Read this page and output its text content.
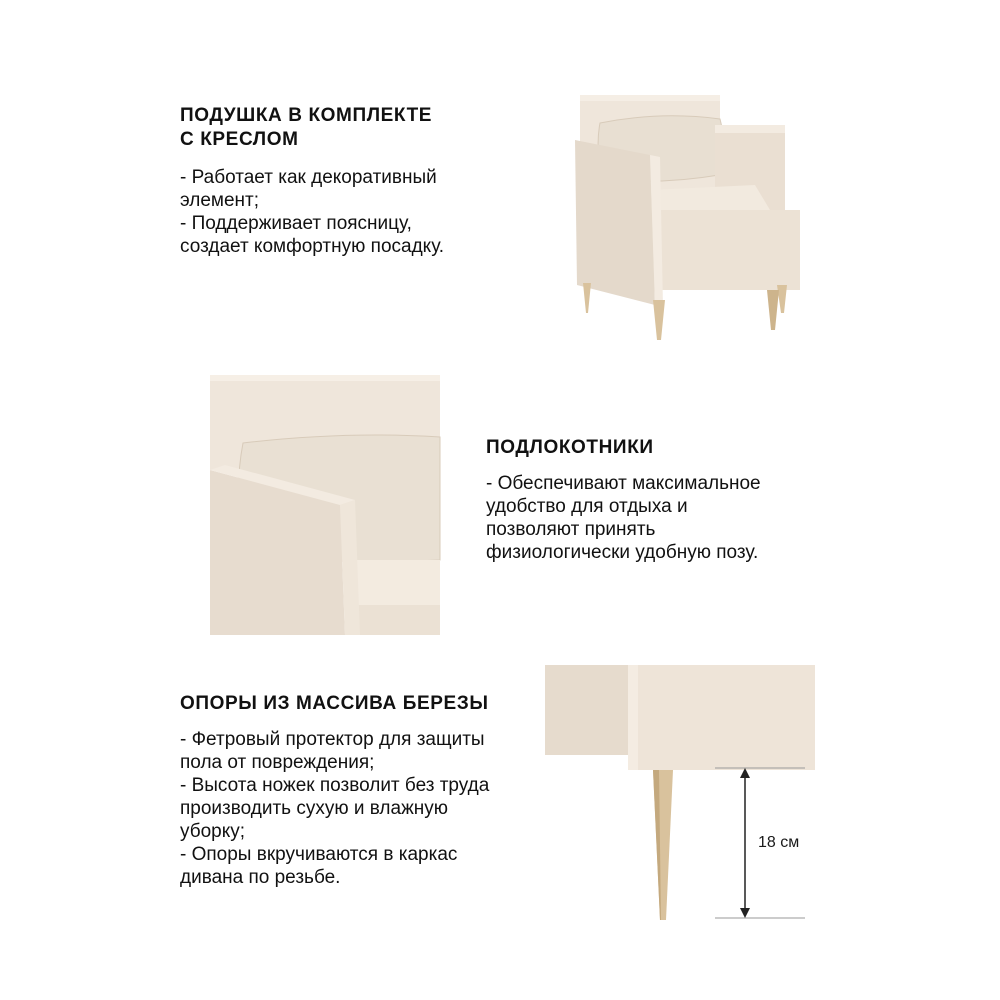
ПОДУШКА В КОМПЛЕКТЕ
С КРЕСЛОМ
- Работает как декоративный
элемент;
- Поддерживает поясницу,
создает комфортную посадку.
ПОДЛОКОТНИКИ
- Обеспечивают максимальное
удобство для отдыха и
позволяют принять
физиологически удобную позу.
ОПОРЫ ИЗ МАССИВА БЕРЕЗЫ
- Фетровый протектор для защиты
пола от повреждения;
- Высота ножек позволит без труда
производить сухую и влажную
уборку;
- Опоры вкручиваются в каркас
дивана по резьбе.
18 см
